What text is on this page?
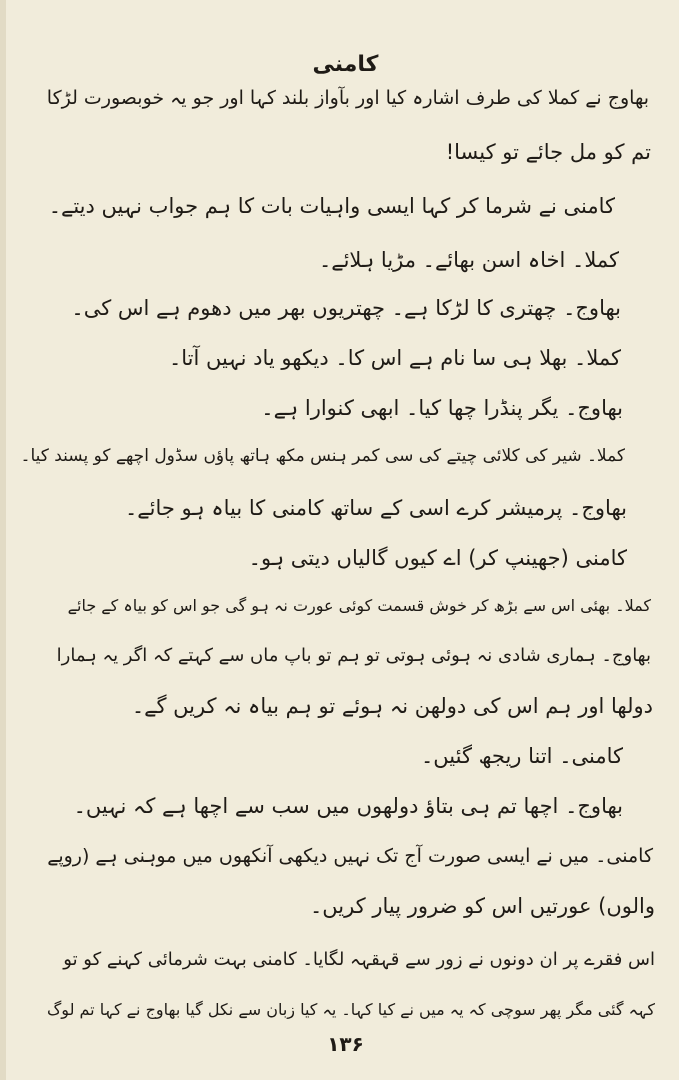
کامنی
بھاوج نے کملا کی طرف اشارہ کیا اور بآواز بلند کہا اور جو یہ خوبصورت لڑکا
تم کو مل جائے تو کیسا!
کامنی نے شرما کر کہا ایسی واہیات بات کا ہم جواب نہیں دیتے۔
کملا۔ اخاہ اسن بھائے۔ مڑیا ہلائے۔
بھاوج۔ چھتری کا لڑکا ہے۔ چھتریوں بھر میں دھوم ہے اس کی۔
کملا۔ بھلا ہی سا نام ہے اس کا۔ دیکھو یاد نہیں آتا۔
بھاوج۔ یگر پنڈرا چھا کیا۔ ابھی کنوارا ہے۔
کملا۔ شیر کی کلائی چیتے کی سی کمر ہنس مکھ ہاتھ پاؤں سڈول اچھے کو پسند کیا۔
بھاوج۔ پرمیشر کرے اسی کے ساتھ کامنی کا بیاہ ہو جائے۔
کامنی (جھینپ کر) اے کیوں گالیاں دیتی ہو۔
کملا۔ بھئی اس سے بڑھ کر خوش قسمت کوئی عورت نہ ہو گی جو اس کو بیاہ کے جائے
بھاوج۔ ہماری شادی نہ ہوئی ہوتی تو ہم تو باپ ماں سے کہتے کہ اگر یہ ہمارا
دولھا اور ہم اس کی دولھن نہ ہوئے تو ہم بیاہ نہ کریں گے۔
کامنی۔ اتنا ریجھ گئیں۔
بھاوج۔ اچھا تم ہی بتاؤ دولھوں میں سب سے اچھا ہے کہ نہیں۔
کامنی۔ میں نے ایسی صورت آج تک نہیں دیکھی آنکھوں میں موہنی ہے (روپے
والوں) عورتیں اس کو ضرور پیار کریں۔
اس فقرے پر ان دونوں نے زور سے قہقہہ لگایا۔ کامنی بہت شرمائی کہنے کو تو
کہہ گئی مگر پھر سوچی کہ یہ میں نے کیا کہا۔ یہ کیا زبان سے نکل گیا بھاوج نے کہا تم لوگ
۱۳۶
